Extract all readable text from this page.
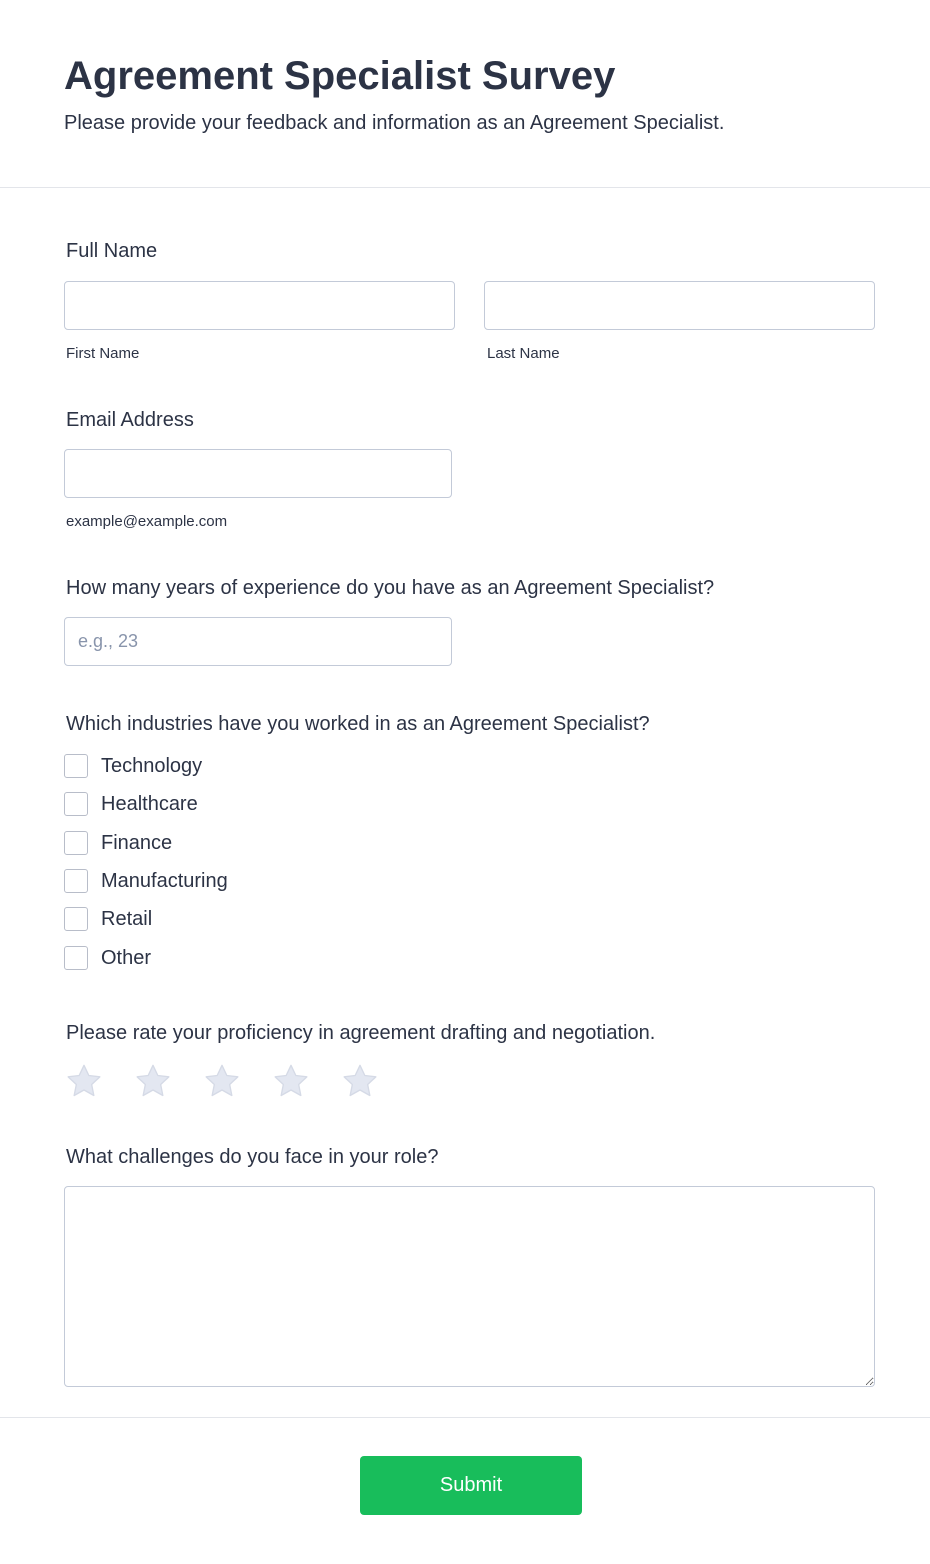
Agreement Specialist Survey

Please provide your feedback and information as an Agreement Specialist.

Full Name
First Name	Last Name
Email Address
example@example.com
How many years of experience do you have as an Agreement Specialist?
e.g., 23
Which industries have you worked in as an Agreement Specialist?
Technology
Healthcare
Finance
Manufacturing
Retail
Other
Please rate your proficiency in agreement drafting and negotiation.
What challenges do you face in your role?
Submit
